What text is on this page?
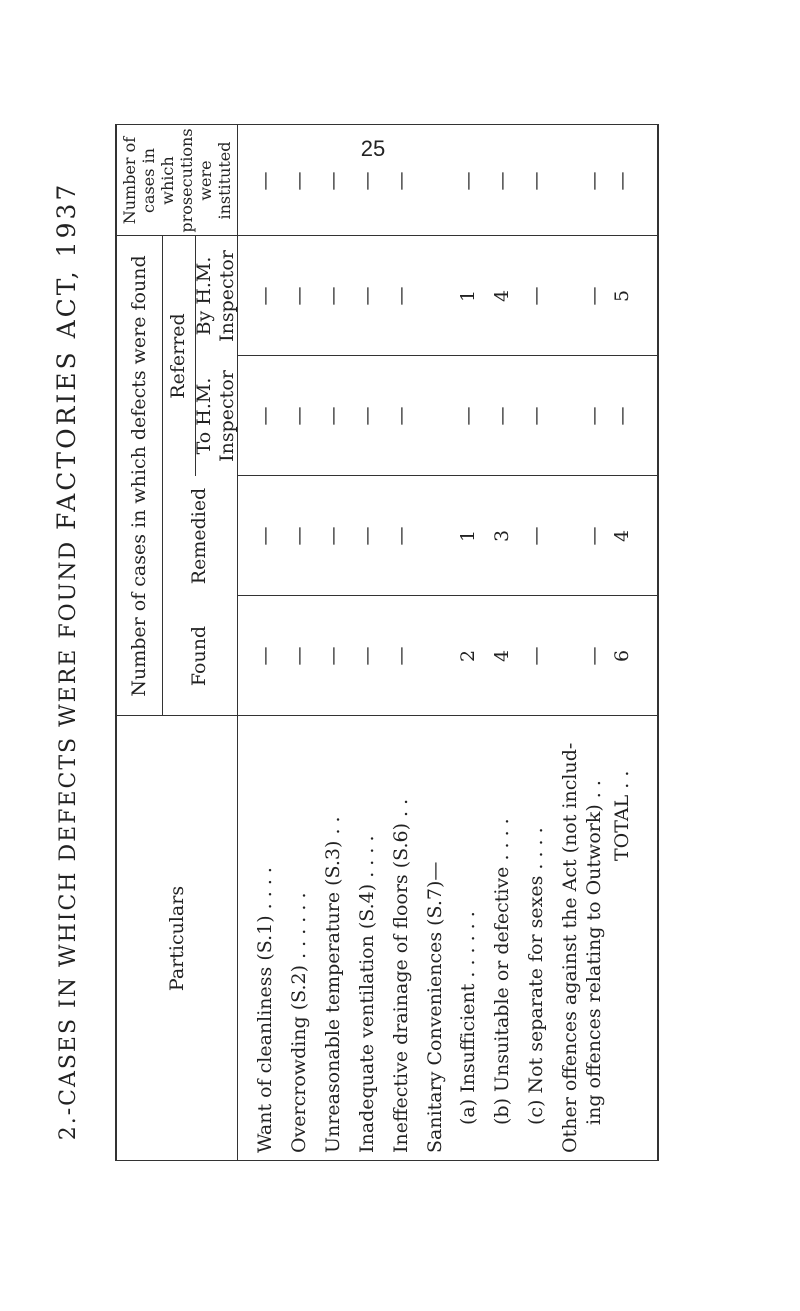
2.-CASES IN WHICH DEFECTS WERE FOUND FACTORIES ACT, 1937
Particulars
Number of cases in which defects were found Found
Remedied
Referred
To H.M. Inspector
By H.M. Inspector
Number of cases in which prosecutions were instituted
Want of cleanliness (S.1) . . . .
—
—
—
—
—
Overcrowding (S.2) . . . . . .
—
—
—
—
—
Unreasonable temperature (S.3) . .
—
—
—
—
—
Inadequate ventilation (S.4) . . . .
—
—
—
—
—
Ineffective drainage of floors (S.6) . .
—
—
—
—
—
Sanitary Conveniences (S.7)— (a) Insufficient . . . . . .
2
1
—
1
—
(b) Unsuitable or defective . . . .
4
3
—
4
—
(c) Not separate for sexes . . . .
—
—
—
—
—
Other offences against the Act (not includ- ing offences relating to Outwork) . .
—
—
—
—
—
TOTAL . .
6
4
—
5
—
25
